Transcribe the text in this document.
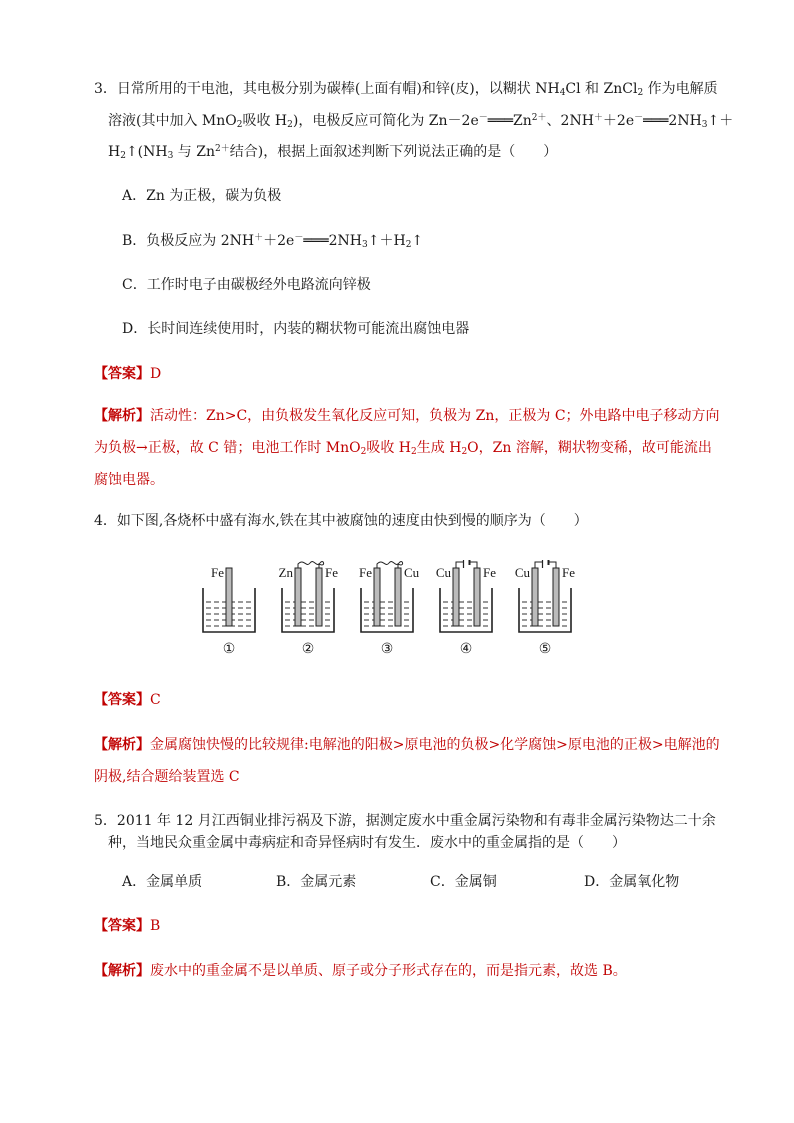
3．日常所用的干电池，其电极分别为碳棒(上面有帽)和锌(皮)，以糊状 $NH_4Cl$ 和 ZnCl$_2$ 作为电解质
溶液(其中加入 MnO$_2$吸收 $H_2$)，电极反应可简化为 $Zn-2e^-═══Zn^{2+}$、$2NH^++2e^-═══2NH_3↑+$
$H_2↑(NH_3$ 与 $Zn^{2+}$结合)，根据上面叙述判断下列说法正确的是（　　）
A．Zn 为正极，碳为负极
B．负极反应为 $2NH^++2e^-═══2NH_3↑+H_2↑$
C．工作时电子由碳极经外电路流向锌极
D．长时间连续使用时，内装的糊状物可能流出腐蚀电器
【答案】D
【解析】活动性：Zn>C，由负极发生氧化反应可知，负极为 Zn，正极为 C；外电路中电子移动方向
为负极→正极，故 C 错；电池工作时 MnO$_2$吸收 $H_2$生成 $H_2O$，Zn 溶解，糊状物变稀，故可能流出
腐蚀电器。
4．如下图,各烧杯中盛有海水,铁在其中被腐蚀的速度由快到慢的顺序为（　　）
Fe
①
Zn Fe
②
Fe Cu
③
Cu Fe
④
Cu Fe
⑤
【答案】C
【解析】金属腐蚀快慢的比较规律:电解池的阳极>原电池的负极>化学腐蚀>原电池的正极>电解池的
阴极,结合题给装置选 C
5．2011 年 12 月江西铜业排污祸及下游，据测定废水中重金属污染物和有毒非金属污染物达二十余
种，当地民众重金属中毒病症和奇异怪病时有发生．废水中的重金属指的是（　　）
A．金属单质	B．金属元素	C．金属铜	D．金属氧化物
【答案】B
【解析】废水中的重金属不是以单质、原子或分子形式存在的，而是指元素，故选 B。
